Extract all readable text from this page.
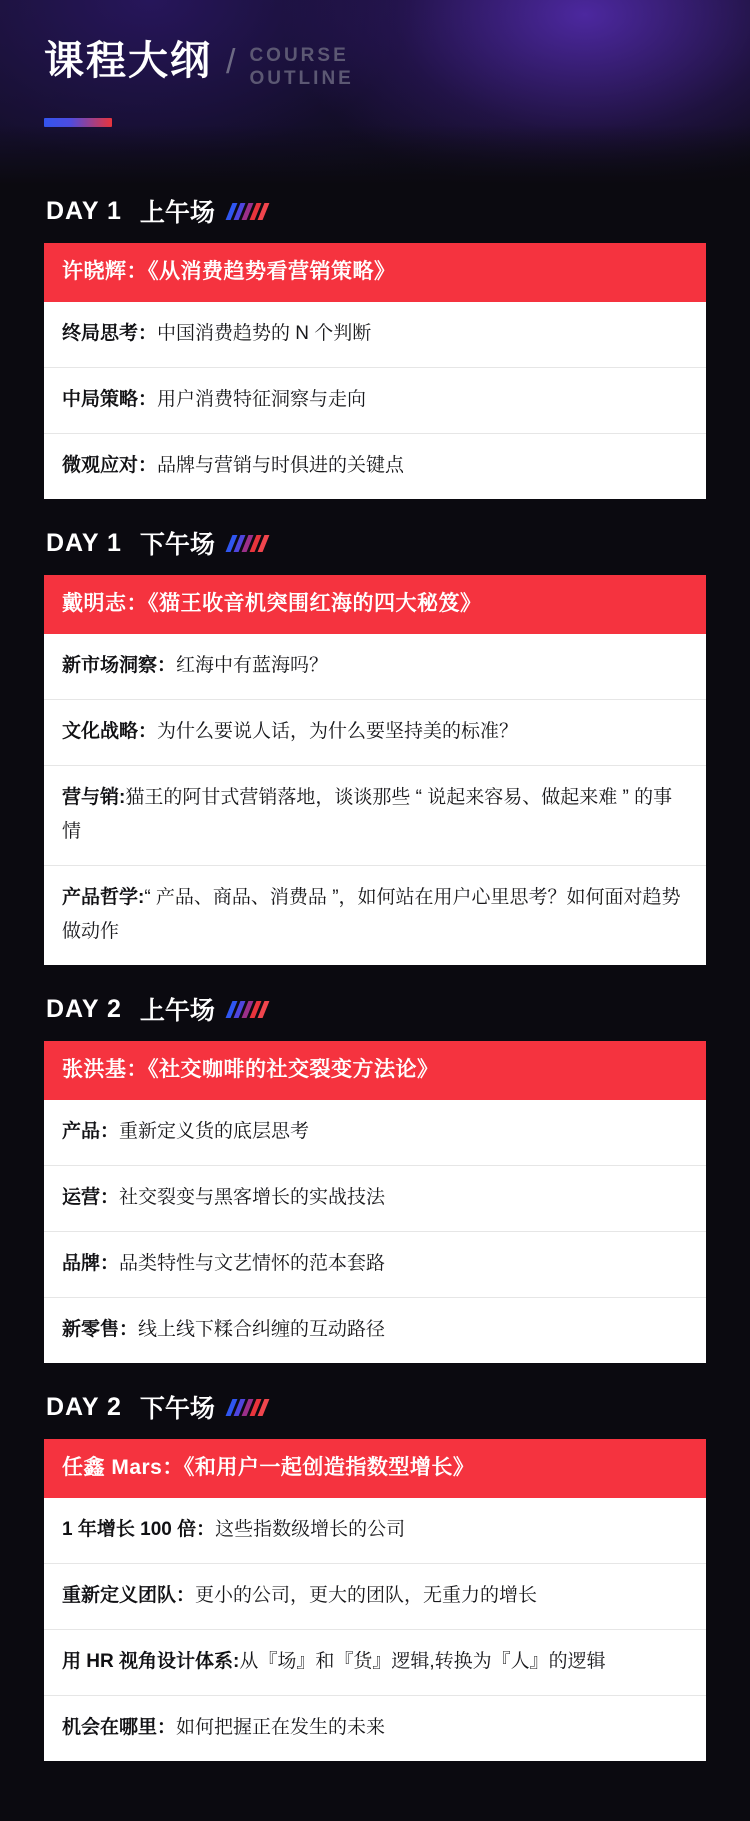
课程大纲 / COURSE
OUTLINE
DAY 1 上午场
许晓辉：《从消费趋势看营销策略》
终局思考：中国消费趋势的 N 个判断
中局策略：用户消费特征洞察与走向
微观应对：品牌与营销与时俱进的关键点
DAY 1 下午场
戴明志：《猫王收音机突围红海的四大秘笈》
新市场洞察：红海中有蓝海吗？
文化战略：为什么要说人话，为什么要坚持美的标准？
营与销:猫王的阿甘式营销落地，谈谈那些 “ 说起来容易、做起来难 ” 的事情
产品哲学:“ 产品、商品、消费品 ”，如何站在用户心里思考？如何面对趋势做动作
DAY 2 上午场
张洪基：《社交咖啡的社交裂变方法论》
产品：重新定义货的底层思考
运营：社交裂变与黑客增长的实战技法
品牌：品类特性与文艺情怀的范本套路
新零售：线上线下糅合纠缠的互动路径
DAY 2 下午场
任鑫 Mars：《和用户一起创造指数型增长》
1 年增长 100 倍：这些指数级增长的公司
重新定义团队：更小的公司，更大的团队，无重力的增长
用 HR 视角设计体系:从『场』和『货』逻辑,转换为『人』的逻辑
机会在哪里：如何把握正在发生的未来
